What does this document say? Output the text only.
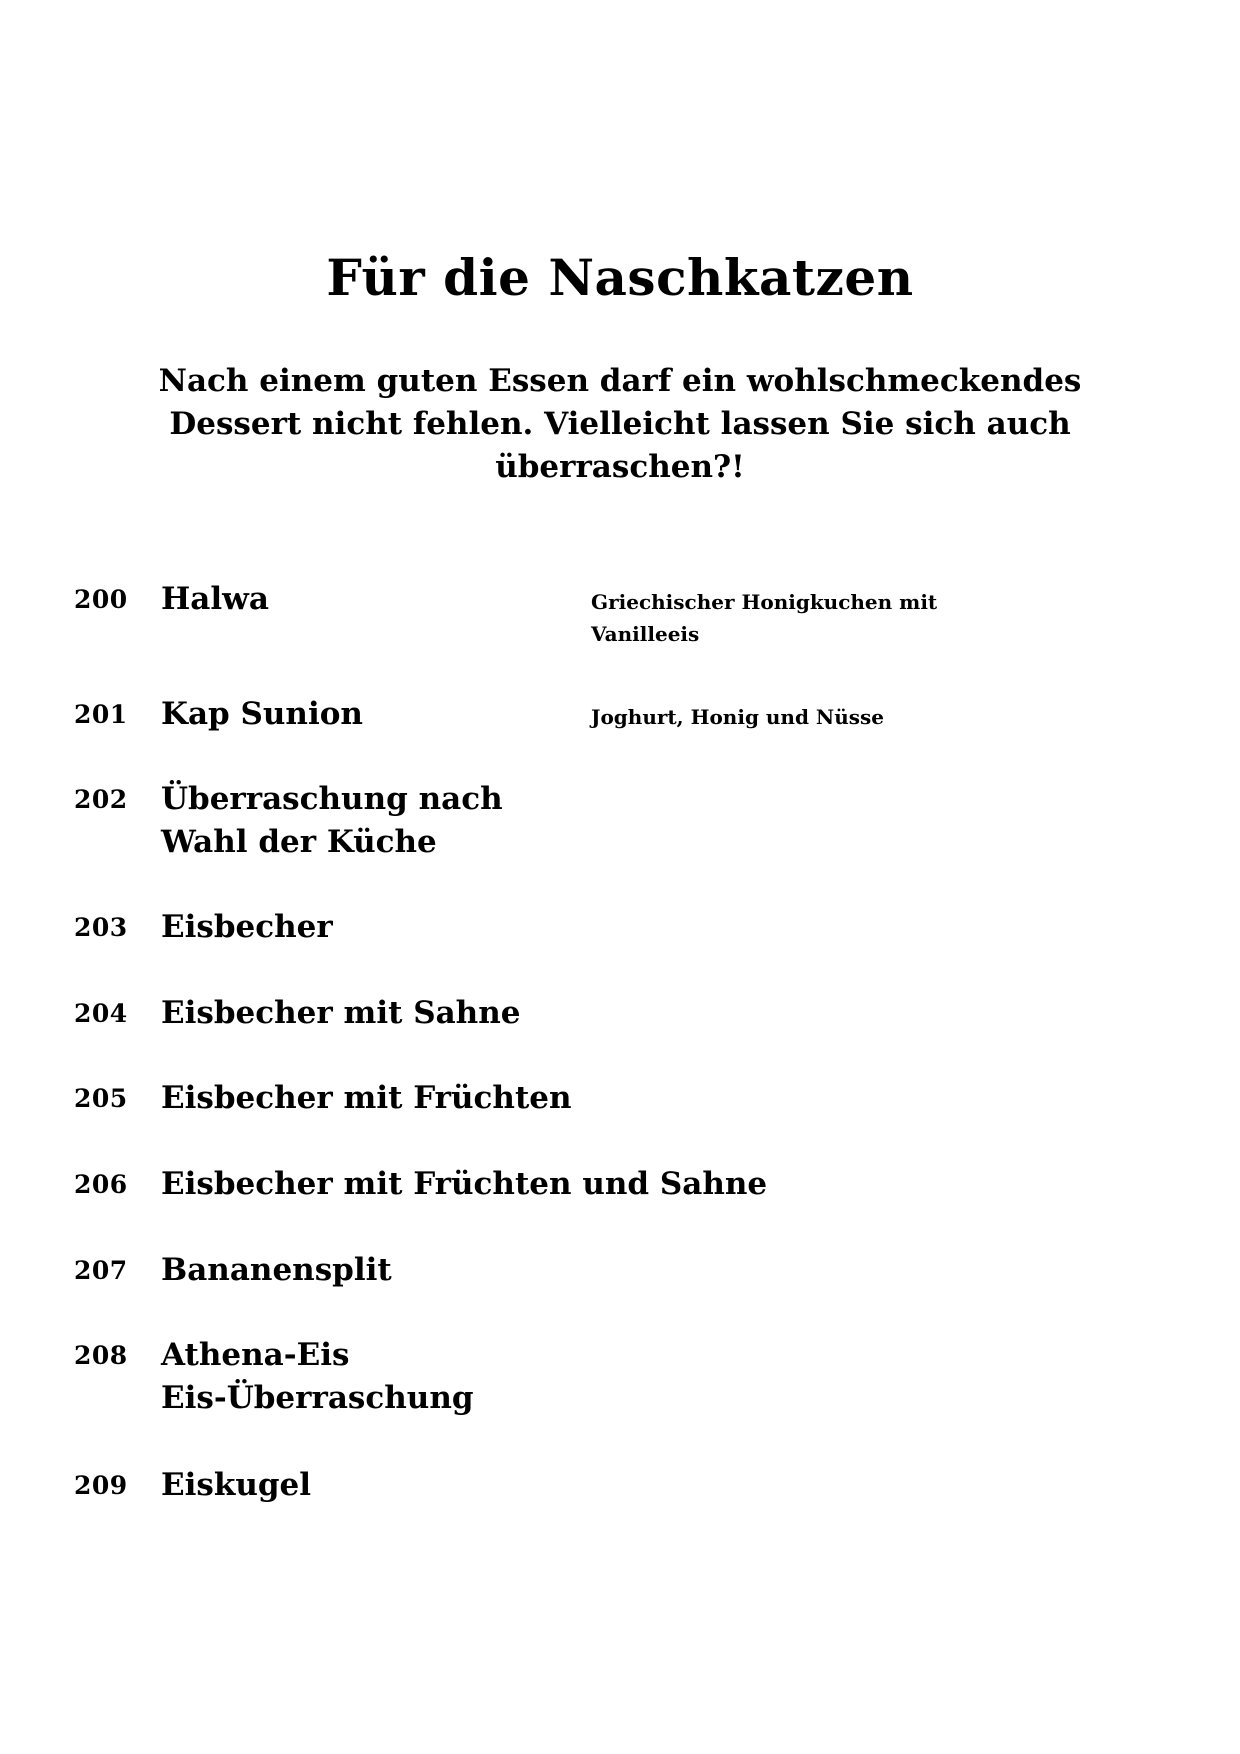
Für die Naschkatzen
Nach einem guten Essen darf ein wohlschmeckendes
Dessert nicht fehlen. Vielleicht lassen Sie sich auch
überraschen?!
200 Halwa	Griechischer Honigkuchen mit Vanilleeis
201 Kap Sunion	Joghurt, Honig und Nüsse
202 Überraschung nach
Wahl der Küche
203 Eisbecher
204 Eisbecher mit Sahne
205 Eisbecher mit Früchten
206 Eisbecher mit Früchten und Sahne
207 Bananensplit
208 Athena-Eis
Eis-Überraschung
209 Eiskugel
